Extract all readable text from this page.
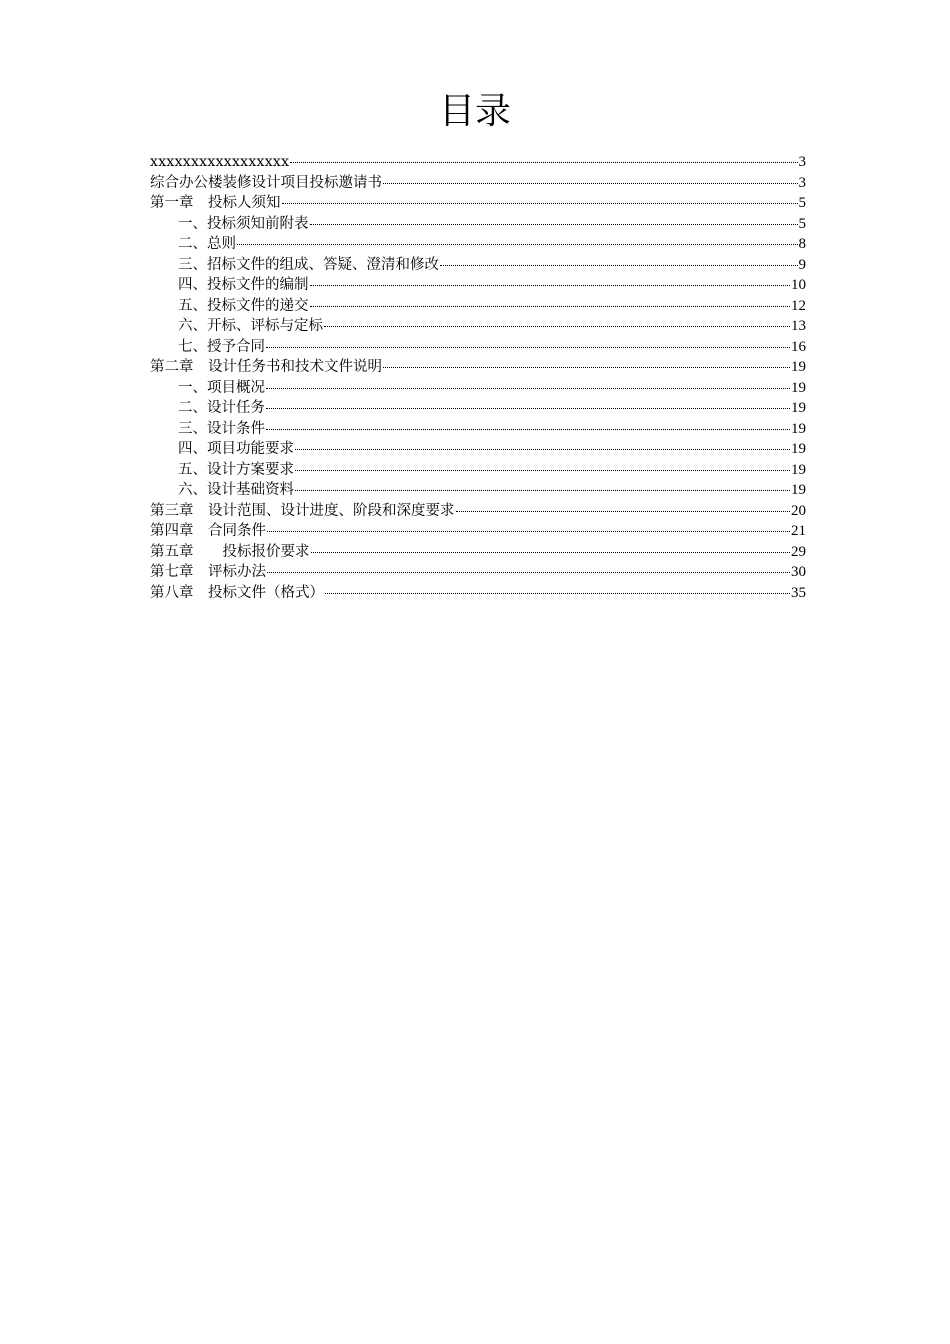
目录
xxxxxxxxxxxxxxxxx	3
综合办公楼装修设计项目投标邀请书	3
第一章　投标人须知	5
一、投标须知前附表	5
二、总则	8
三、招标文件的组成、答疑、澄清和修改	9
四、投标文件的编制	10
五、投标文件的递交	12
六、开标、评标与定标	13
七、授予合同	16
第二章　设计任务书和技术文件说明	19
一、项目概况	19
二、设计任务	19
三、设计条件	19
四、项目功能要求	19
五、设计方案要求	19
六、设计基础资料	19
第三章　设计范围、设计进度、阶段和深度要求	20
第四章　合同条件	21
第五章　　投标报价要求	29
第七章　评标办法	30
第八章　投标文件（格式）	35
